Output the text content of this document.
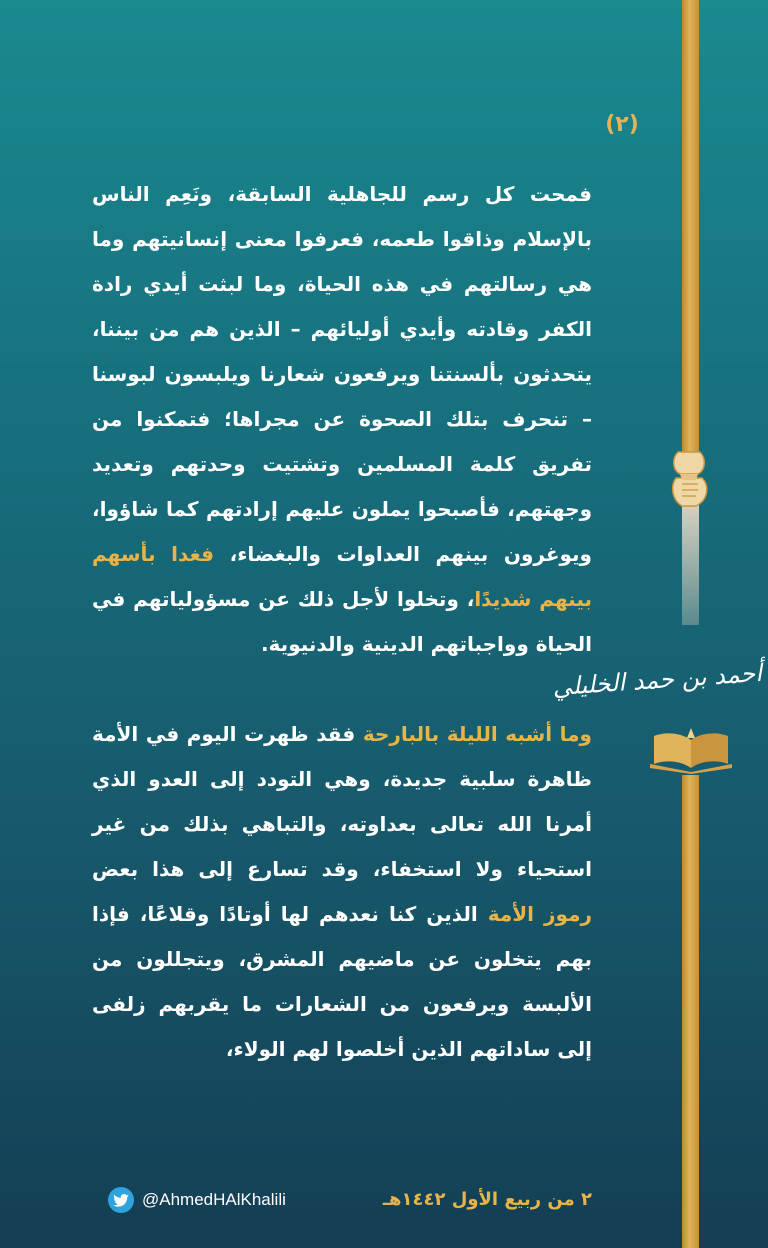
أحمد بن حمد الخليلي
(٢)

فمحت كل رسم للجاهلية السابقة، ونَعِم الناس بالإسلام وذاقوا طعمه، فعرفوا معنى إنسانيتهم وما هي رسالتهم في هذه الحياة، وما لبثت أيدي رادة الكفر وقادته وأيدي أوليائهم – الذين هم من بيننا، يتحدثون بألسنتنا ويرفعون شعارنا ويلبسون لبوسنا – تنحرف بتلك الصحوة عن مجراها؛ فتمكنوا من تفريق كلمة المسلمين وتشتيت وحدتهم وتعديد وجهتهم، فأصبحوا يملون عليهم إرادتهم كما شاؤوا، ويوغرون بينهم العداوات والبغضاء، فغدا بأسهم بينهم شديدًا، وتخلوا لأجل ذلك عن مسؤولياتهم في الحياة وواجباتهم الدينية والدنيوية.

وما أشبه الليلة بالبارحة فقد ظهرت اليوم في الأمة ظاهرة سلبية جديدة، وهي التودد إلى العدو الذي أمرنا الله تعالى بعداوته، والتباهي بذلك من غير استحياء ولا استخفاء، وقد تسارع إلى هذا بعض رموز الأمة الذين كنا نعدهم لها أوتادًا وقلاعًا، فإذا بهم يتخلون عن ماضيهم المشرق، ويتجللون من الألبسة ويرفعون من الشعارات ما يقربهم زلفى إلى ساداتهم الذين أخلصوا لهم الولاء،

٢ من ربيع الأول ١٤٤٢هـ
@AhmedHAlKhalili
